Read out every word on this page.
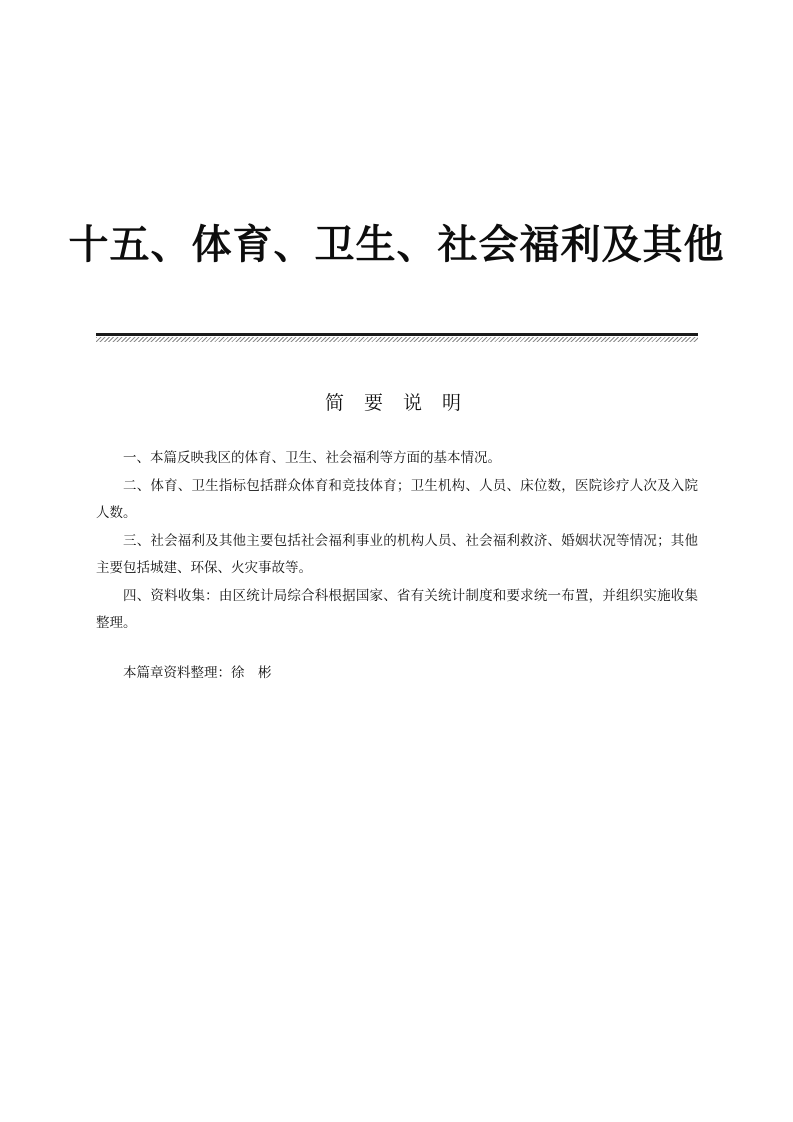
十五、体育、卫生、社会福利及其他
简 要 说 明

一、本篇反映我区的体育、卫生、社会福利等方面的基本情况。

二、体育、卫生指标包括群众体育和竞技体育；卫生机构、人员、床位数，医院诊疗人次及入院人数。

三、社会福利及其他主要包括社会福利事业的机构人员、社会福利救济、婚姻状况等情况；其他主要包括城建、环保、火灾事故等。

四、资料收集：由区统计局综合科根据国家、省有关统计制度和要求统一布置，并组织实施收集整理。

本篇章资料整理：徐　彬
